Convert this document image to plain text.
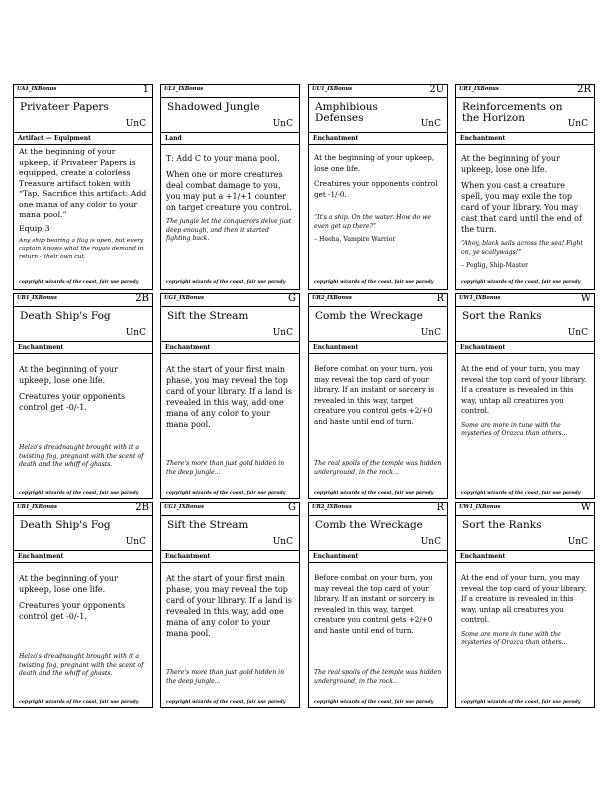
UA1_IXBonus	1
Privateer Papers
UnC
Artifact — Equipment

At the beginning of your upkeep, if Privateer Papers is equipped, create a colorless Treasure artifact token with “Tap, Sacrifice this artifact: Add one mana of any color to your mana pool.”

Equip 3

Any ship bearing a flag is open, but every captain knows what the royals demand in return - their own cut.

UL1_IXBonus
Shadowed Jungle
UnC
Land

T: Add C to your mana pool.

When one or more creatures deal combat damage to you, you may put a +1/+1 counter on target creature you control.

The jungle let the conquerors delve just deep enough, and then it started fighting back.

UU1_IXBonus	2U
Amphibious Defenses	UnC
Enchantment

At the beginning of your upkeep, lose one life.

Creatures your opponents control get -1/-0.

“It's a ship. On the water. How do we even get up there?”

– Heeha, Vampire Warrior

UR1_IXBonus	2R
Reinforcements on the Horizon	UnC
Enchantment

At the beginning of your upkeep, lose one life.

When you cast a creature spell, you may exile the top card of your library. You may cast that card until the end of the turn.

“Ahoy, black sails across the sea! Fight on, ye scallywags!”

– Peglig, Ship-Master

copyright wizards of the coast, fair use parody	copyright wizards of the coast, fair use parody	copyright wizards of the coast, fair use parody	copyright wizards of the coast, fair use parody
UB1_IXBonus	2B
Death Ship's Fog
UnC
Enchantment

At the beginning of your upkeep, lose one life.

Creatures your opponents control get -0/-1.

Helzo's dreadnaught brought with it a twisting fog, pregnant with the scent of death and the whiff of ghasts.

UG1_IXBonus	G
Sift the Stream
UnC
Enchantment

At the start of your first main phase, you may reveal the top card of your library. If a land is revealed in this way, add one mana of any color to your mana pool.

There's more than just gold hidden in the deep jungle...

UR2_IXBonus	R
Comb the Wreckage
UnC
Enchantment

Before combat on your turn, you may reveal the top card of your library. If an instant or sorcery is revealed in this way, target creature you control gets +2/+0 and haste until end of turn.

The real spoils of the temple was hidden underground, in the rock...

UW1_IXBonus	W
Sort the Ranks
UnC
Enchantment

At the end of your turn, you may reveal the top card of your library. If a creature is revealed in this way, untap all creatures you control.

Some are more in tune with the mysteries of Orazca than others...

copyright wizards of the coast, fair use parody	copyright wizards of the coast, fair use parody	copyright wizards of the coast, fair use parody	copyright wizards of the coast, fair use parody
UB1_IXBonus	2B
Death Ship's Fog
UnC
Enchantment

At the beginning of your upkeep, lose one life.

Creatures your opponents control get -0/-1.

Helzo's dreadnaught brought with it a twisting fog, pregnant with the scent of death and the whiff of ghasts.

UG1_IXBonus	G
Sift the Stream
UnC
Enchantment

At the start of your first main phase, you may reveal the top card of your library. If a land is revealed in this way, add one mana of any color to your mana pool.

There's more than just gold hidden in the deep jungle...

UR2_IXBonus	R
Comb the Wreckage
UnC
Enchantment

Before combat on your turn, you may reveal the top card of your library. If an instant or sorcery is revealed in this way, target creature you control gets +2/+0 and haste until end of turn.

The real spoils of the temple was hidden underground, in the rock...

UW1_IXBonus	W
Sort the Ranks
UnC
Enchantment

At the end of your turn, you may reveal the top card of your library. If a creature is revealed in this way, untap all creatures you control.

Some are more in tune with the mysteries of Orazca than others...

copyright wizards of the coast, fair use parody	copyright wizards of the coast, fair use parody	copyright wizards of the coast, fair use parody	copyright wizards of the coast, fair use parody
